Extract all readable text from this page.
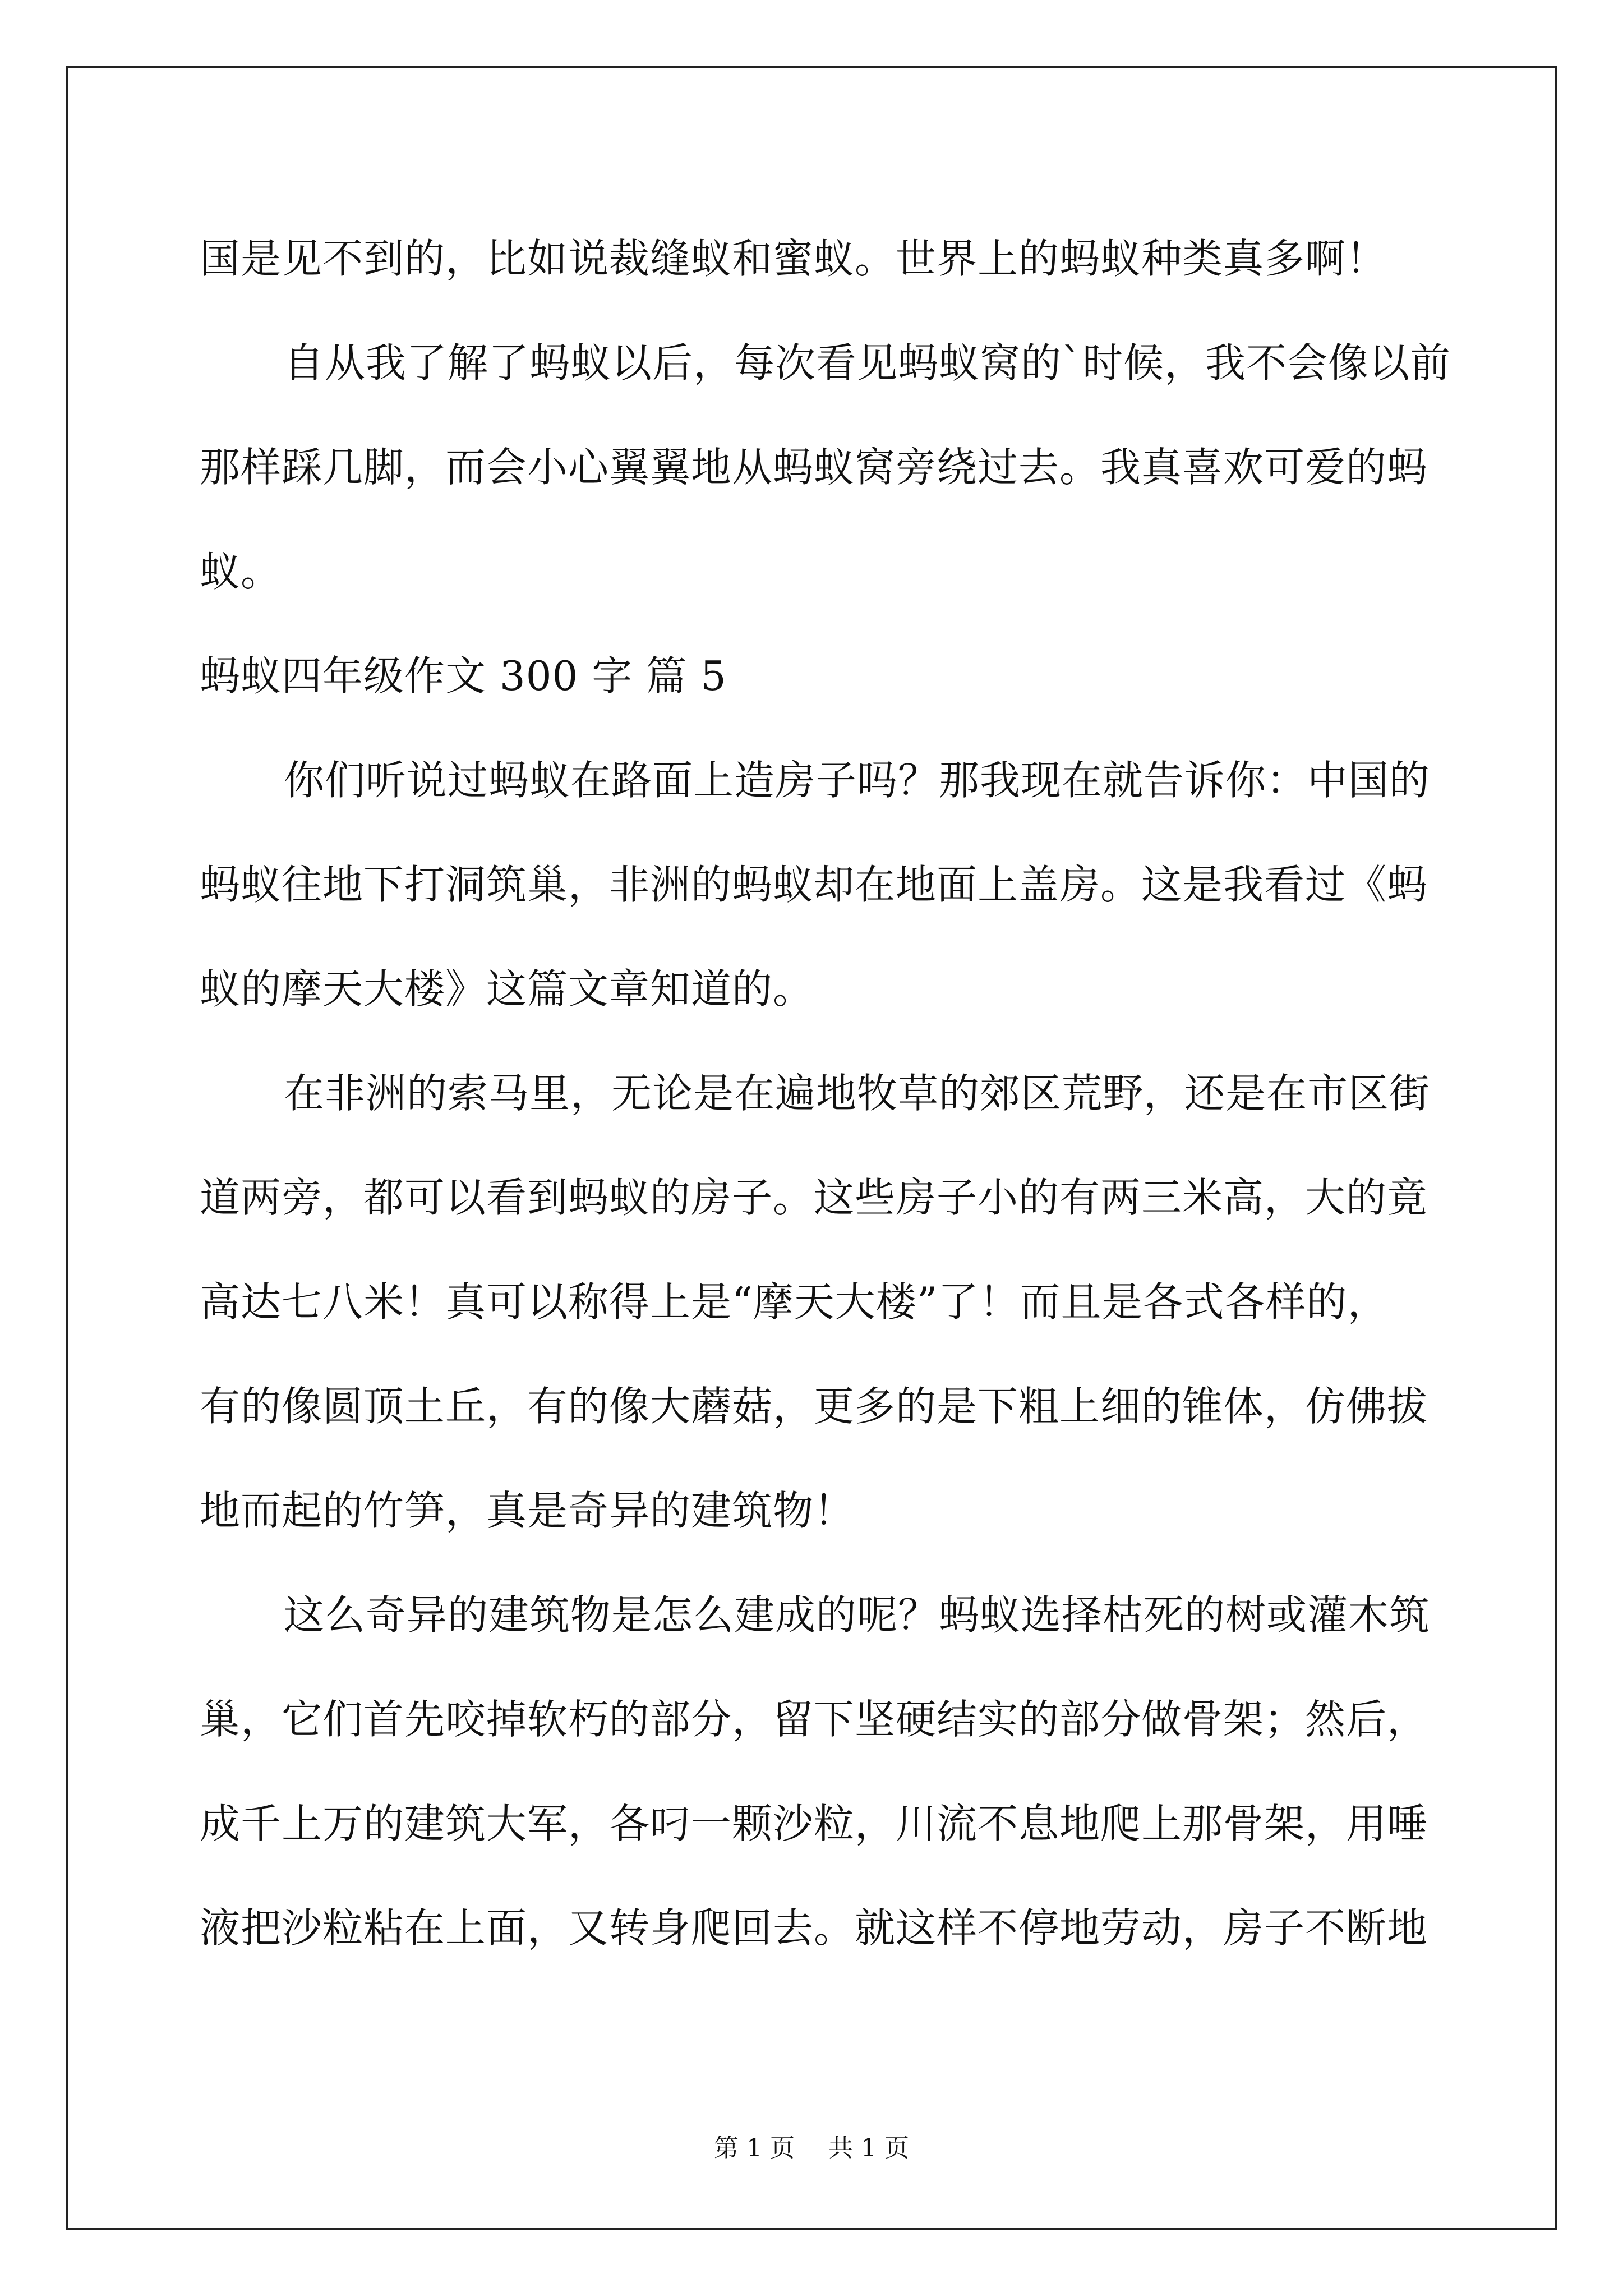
国是见不到的，比如说裁缝蚁和蜜蚁。世界上的蚂蚁种类真多啊！
自从我了解了蚂蚁以后，每次看见蚂蚁窝的`时候，我不会像以前
那样踩几脚，而会小心翼翼地从蚂蚁窝旁绕过去。我真喜欢可爱的蚂
蚁。
蚂蚁四年级作文 300 字 篇 5
你们听说过蚂蚁在路面上造房子吗？那我现在就告诉你：中国的
蚂蚁往地下打洞筑巢，非洲的蚂蚁却在地面上盖房。这是我看过《蚂
蚁的摩天大楼》这篇文章知道的。
在非洲的索马里，无论是在遍地牧草的郊区荒野，还是在市区街
道两旁，都可以看到蚂蚁的房子。这些房子小的有两三米高，大的竟
高达七八米！真可以称得上是“摩天大楼”了！而且是各式各样的，
有的像圆顶土丘，有的像大蘑菇，更多的是下粗上细的锥体，仿佛拔
地而起的竹笋，真是奇异的建筑物！
这么奇异的建筑物是怎么建成的呢？蚂蚁选择枯死的树或灌木筑
巢，它们首先咬掉软朽的部分，留下坚硬结实的部分做骨架；然后，
成千上万的建筑大军，各叼一颗沙粒，川流不息地爬上那骨架，用唾
液把沙粒粘在上面，又转身爬回去。就这样不停地劳动，房子不断地
第 1 页 共 1 页
